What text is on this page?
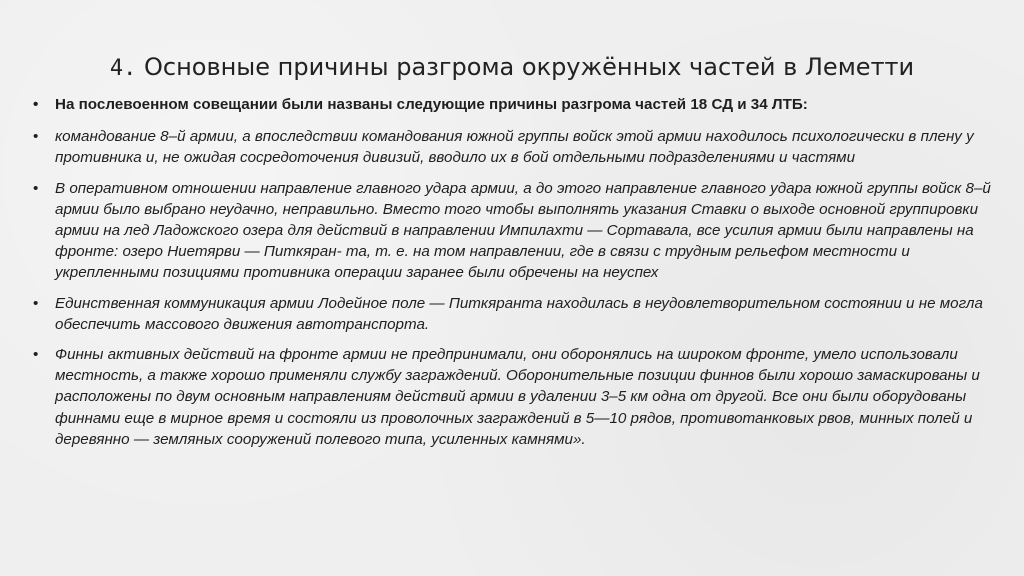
4. Основные причины разгрома окружённых частей в Леметти
• На послевоенном совещании были названы следующие причины разгрома частей 18 СД и 34 ЛТБ:
• командование 8–й армии, а впоследствии командования южной группы войск этой армии находилось психологически в плену у противника и, не ожидая сосредоточения дивизий, вводило их в бой отдельными подразделениями и частями
• В оперативном отношении направление главного удара армии, а до этого направление главного удара южной группы войск 8–й армии было выбрано неудачно, неправильно. Вместо того чтобы выполнять указания Ставки о выходе основной группировки армии на лед Ладожского озера для действий в направлении Импилахти — Сортавала, все усилия армии были направлены на фронте: озеро Ниетярви — Питкяран- та, т. е. на том направлении, где в связи с трудным рельефом местности и укрепленными позициями противника операции заранее были обречены на неуспех
• Единственная коммуникация армии Лодейное поле — Питкяранта находилась в неудовлетворительном состоянии и не могла обеспечить массового движения автотранспорта.
• Финны активных действий на фронте армии не предпринимали, они оборонялись на широком фронте, умело использовали местность, а также хорошо применяли службу заграждений. Оборонительные позиции финнов были хорошо замаскированы и расположены по двум основным направлениям действий армии в удалении 3–5 км одна от другой. Все они были оборудованы финнами еще в мирное время и состояли из проволочных заграждений в 5—10 рядов, противотанковых рвов, минных полей и деревянно — земляных сооружений полевого типа, усиленных камнями».
